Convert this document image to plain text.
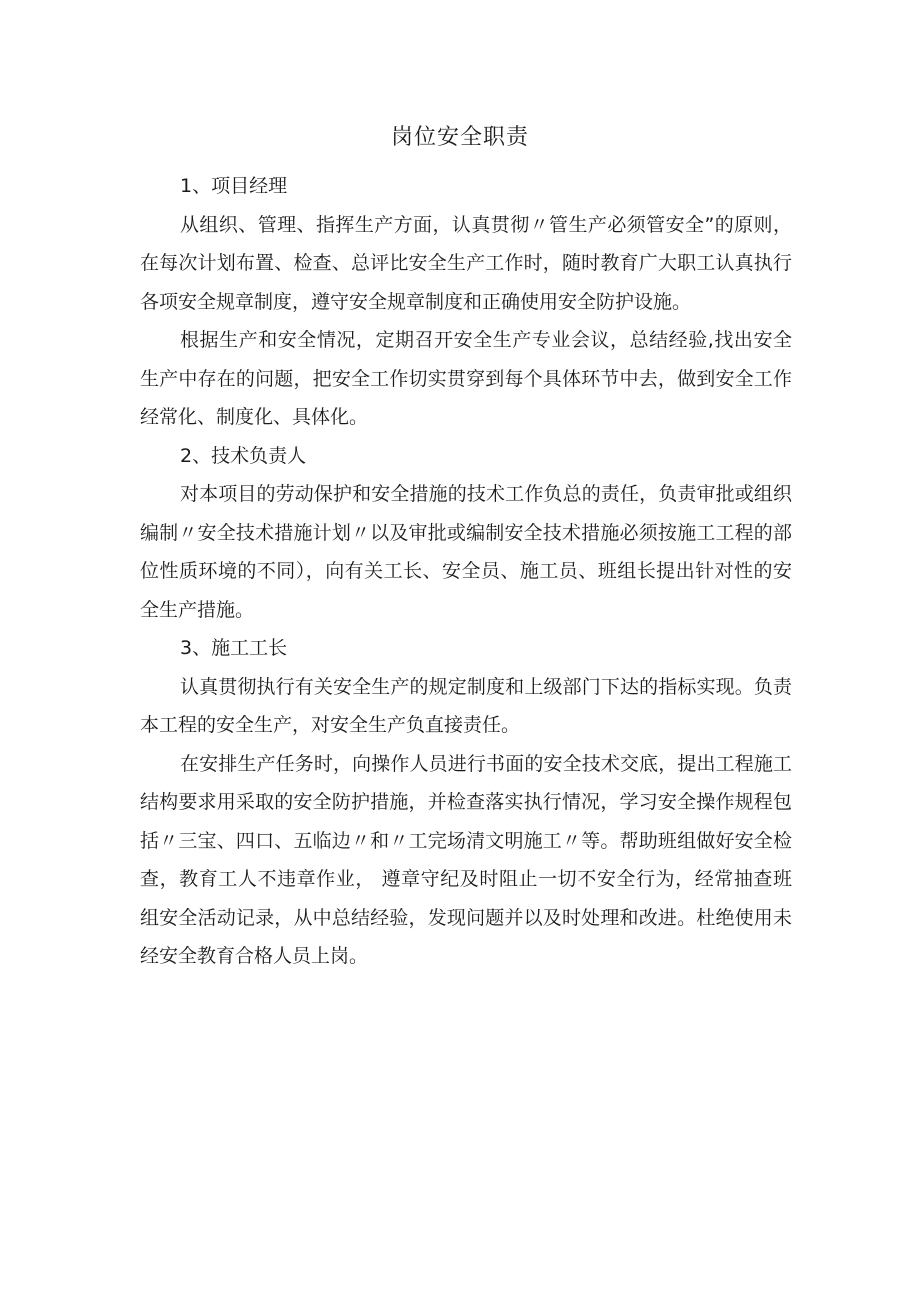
岗位安全职责

1、项目经理

从组织、管理、指挥生产方面，认真贯彻〃管生产必须管安全”的原则，在每次计划布置、检查、总评比安全生产工作时，随时教育广大职工认真执行各项安全规章制度，遵守安全规章制度和正确使用安全防护设施。

根据生产和安全情况，定期召开安全生产专业会议，总结经验,找出安全生产中存在的问题，把安全工作切实贯穿到每个具体环节中去，做到安全工作经常化、制度化、具体化。

2、技术负责人

对本项目的劳动保护和安全措施的技术工作负总的责任，负责审批或组织编制〃安全技术措施计划〃以及审批或编制安全技术措施必须按施工工程的部位性质环境的不同），向有关工长、安全员、施工员、班组长提出针对性的安全生产措施。

3、施工工长

认真贯彻执行有关安全生产的规定制度和上级部门下达的指标实现。负责本工程的安全生产，对安全生产负直接责任。

在安排生产任务时，向操作人员进行书面的安全技术交底，提出工程施工结构要求用采取的安全防护措施，并检查落实执行情况，学习安全操作规程包括〃三宝、四口、五临边〃和〃工完场清文明施工〃等。帮助班组做好安全检查，教育工人不违章作业， 遵章守纪及时阻止一切不安全行为，经常抽查班组安全活动记录，从中总结经验，发现问题并以及时处理和改进。杜绝使用未经安全教育合格人员上岗。
